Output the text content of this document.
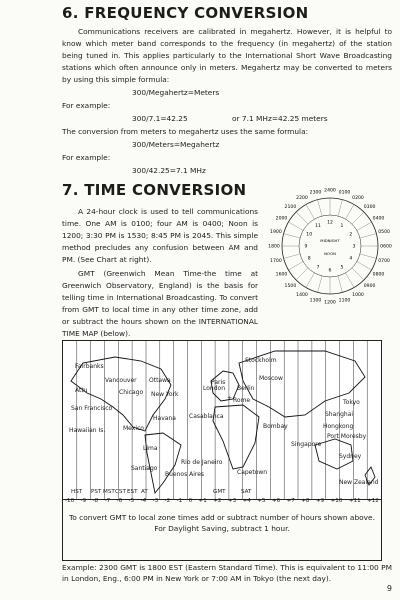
6. FREQUENCY CONVERSION

Communications receivers are calibrated in megahertz. However, it is helpful to know which meter band corresponds to the frequency (in megahertz) of the station being tuned in. This applies particularly to the International Short Wave Broadcasting stations which often announce only in meters. Megahertz may be converted to meters by using this simple formula:

300/Megahertz=Meters
For example:
300/7.1=42.25	or 7.1 MHz=42.25 meters
The conversion from meters to megahertz uses the same formula:
300/Meters=Megahertz
For example:
300/42.25=7.1 MHz
7. TIME CONVERSION

A 24-hour clock is used to tell communications time. One AM is 0100; four AM is 0400; Noon is 1200; 3:30 PM is 1530; 8:45 PM is 2045. This simple method precludes any confusion between AM and PM. (See Chart at right).

GMT (Greenwich Mean Time-the time at Greenwich Observatory, England) is the basis for telling time in International Broadcasting. To convert from GMT to local time in any other time zone, add or subtract the hours shown on the INTERNATIONAL TIME MAP (below).

2400 0100
0200
0300
0400
0500
0600
0700
0800
0900
1000
1100
1200
1300
1400
1500
1600
1700
1800
1900
2000
2100
2200
2300
12
1
2
3
4
5
6
7
8
9
10
11
MIDNIGHT
NOON
+
Fairbanks
Vancouver Ottawa
Chicago New York
Attu
San Francisco
Havana
Mexico
Hawaiian Is.
Lima
Rio de Janeiro
Santiago
Buenos Aires
London
Paris
Berlin
Rome
Stockholm
Moscow
Casablanca
Bombay
Capetown
Tokyo
Shanghai
Hongkong
Singapore
Port Moresby
Sydney
New Zealand
HST PST MST CST EST AT	GMT	SAT
-10 -9 -8 -7 -6 -5 -4 -3 -2 -1 0 +1 +2 +3 +4 +5 +6 +7 +8 +9 +10 +11 +12
To convert GMT to local zone times add or subtract number of hours shown above.
For Daylight Saving, subtract 1 hour.

Example: 2300 GMT is 1800 EST (Eastern Standard Time). This is equivalent to 11:00 PM in London, Eng., 6:00 PM in New York or 7:00 AM in Tokyo (the next day).

9
